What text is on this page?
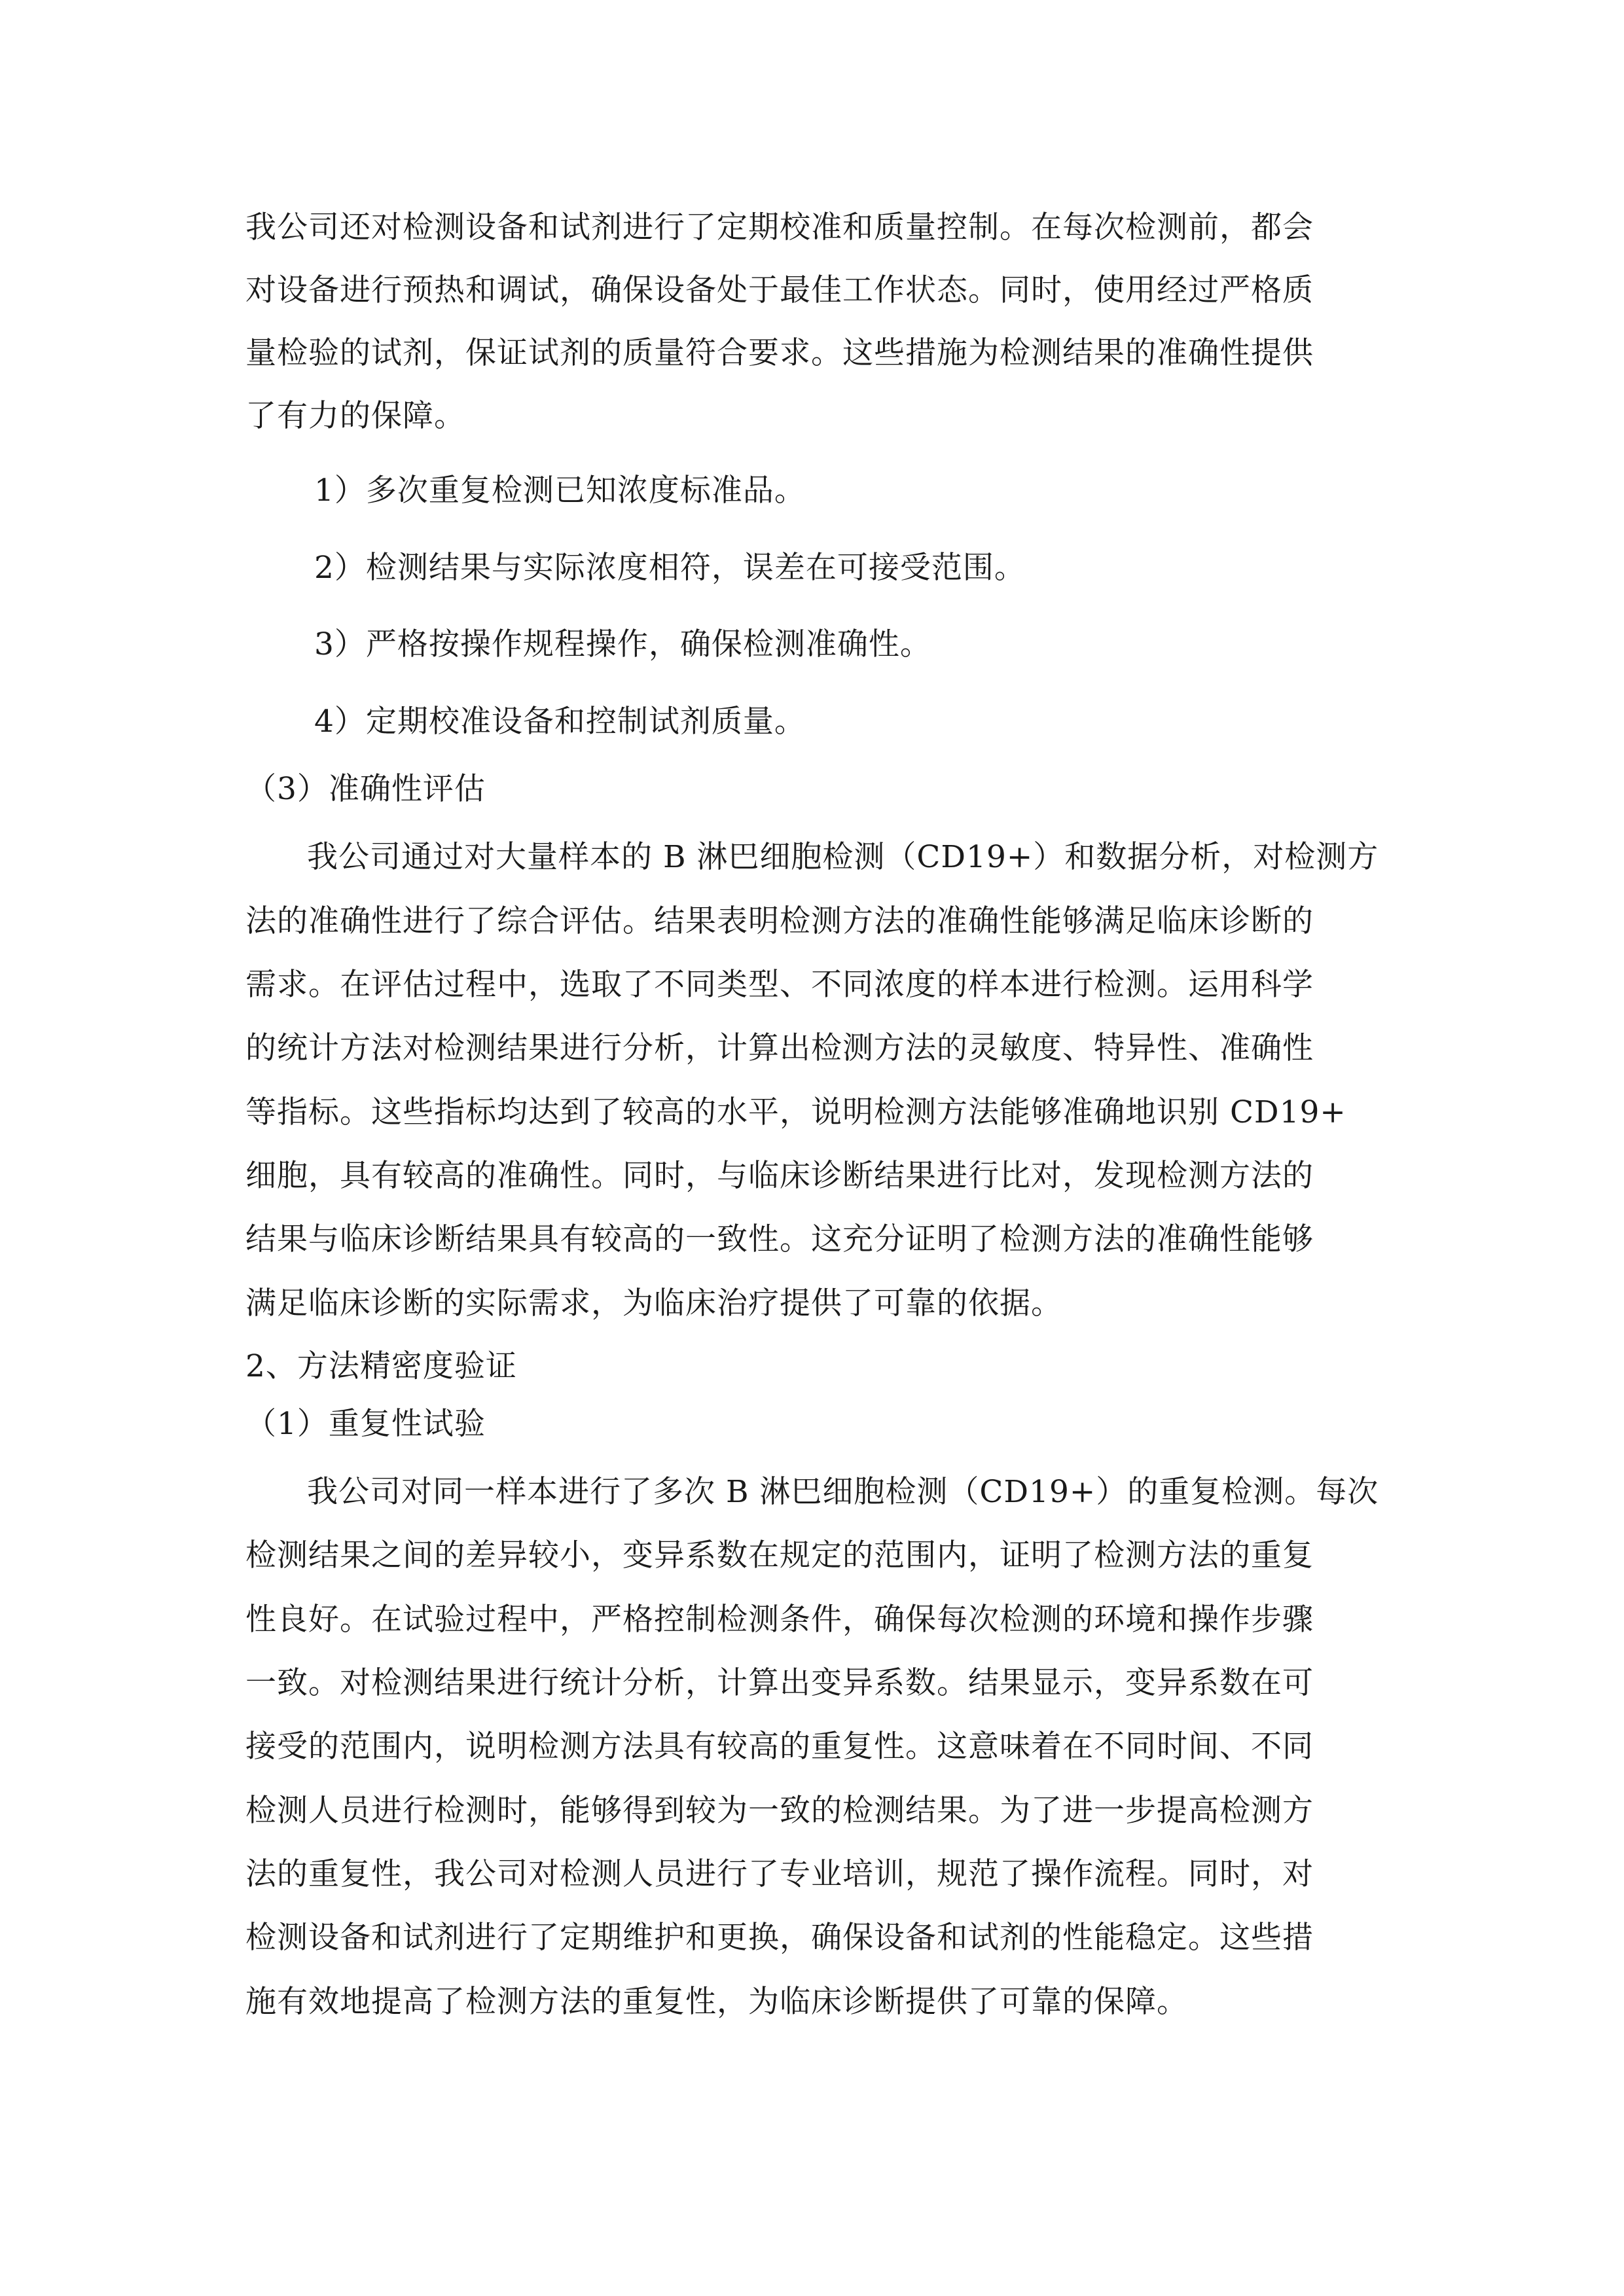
我公司还对检测设备和试剂进行了定期校准和质量控制。在每次检测前，都会
对设备进行预热和调试，确保设备处于最佳工作状态。同时，使用经过严格质
量检验的试剂，保证试剂的质量符合要求。这些措施为检测结果的准确性提供
了有力的保障。
1）多次重复检测已知浓度标准品。
2）检测结果与实际浓度相符，误差在可接受范围。
3）严格按操作规程操作，确保检测准确性。
4）定期校准设备和控制试剂质量。
（3）准确性评估
我公司通过对大量样本的 B 淋巴细胞检测（CD19+）和数据分析，对检测方
法的准确性进行了综合评估。结果表明检测方法的准确性能够满足临床诊断的
需求。在评估过程中，选取了不同类型、不同浓度的样本进行检测。运用科学
的统计方法对检测结果进行分析，计算出检测方法的灵敏度、特异性、准确性
等指标。这些指标均达到了较高的水平，说明检测方法能够准确地识别 CD19+
细胞，具有较高的准确性。同时，与临床诊断结果进行比对，发现检测方法的
结果与临床诊断结果具有较高的一致性。这充分证明了检测方法的准确性能够
满足临床诊断的实际需求，为临床治疗提供了可靠的依据。
2、方法精密度验证
（1）重复性试验
我公司对同一样本进行了多次 B 淋巴细胞检测（CD19+）的重复检测。每次
检测结果之间的差异较小，变异系数在规定的范围内，证明了检测方法的重复
性良好。在试验过程中，严格控制检测条件，确保每次检测的环境和操作步骤
一致。对检测结果进行统计分析，计算出变异系数。结果显示，变异系数在可
接受的范围内，说明检测方法具有较高的重复性。这意味着在不同时间、不同
检测人员进行检测时，能够得到较为一致的检测结果。为了进一步提高检测方
法的重复性，我公司对检测人员进行了专业培训，规范了操作流程。同时，对
检测设备和试剂进行了定期维护和更换，确保设备和试剂的性能稳定。这些措
施有效地提高了检测方法的重复性，为临床诊断提供了可靠的保障。
